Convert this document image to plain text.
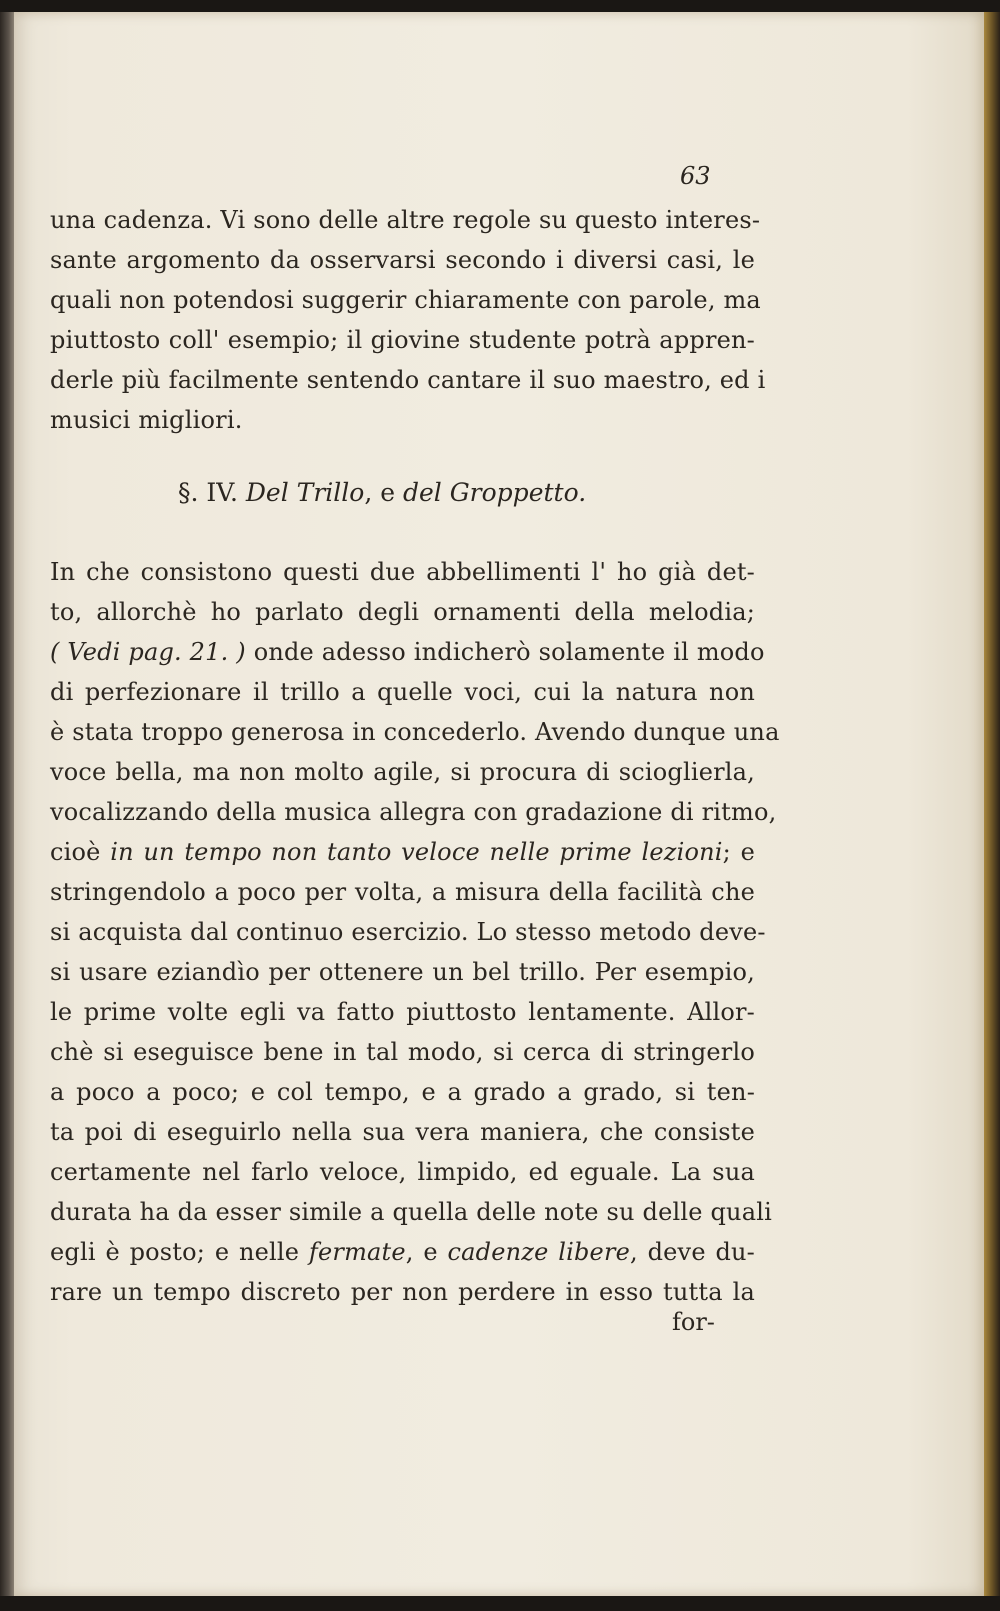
63
una cadenza. Vi sono delle altre regole su questo interes-
sante argomento da osservarsi secondo i diversi casi, le
quali non potendosi suggerir chiaramente con parole, ma
piuttosto coll' esempio; il giovine studente potrà appren-
derle più facilmente sentendo cantare il suo maestro, ed i
musici migliori.
§. IV. Del Trillo, e del Groppetto.
In che consistono questi due abbellimenti l' ho già det-
to, allorchè ho parlato degli ornamenti della melodia;
( Vedi pag. 21. ) onde adesso indicherò solamente il modo
di perfezionare il trillo a quelle voci, cui la natura non
è stata troppo generosa in concederlo. Avendo dunque una
voce bella, ma non molto agile, si procura di scioglierla,
vocalizzando della musica allegra con gradazione di ritmo,
cioè in un tempo non tanto veloce nelle prime lezioni; e
stringendolo a poco per volta, a misura della facilità che
si acquista dal continuo esercizio. Lo stesso metodo deve-
si usare eziandìo per ottenere un bel trillo. Per esempio,
le prime volte egli va fatto piuttosto lentamente. Allor-
chè si eseguisce bene in tal modo, si cerca di stringerlo
a poco a poco; e col tempo, e a grado a grado, si ten-
ta poi di eseguirlo nella sua vera maniera, che consiste
certamente nel farlo veloce, limpido, ed eguale. La sua
durata ha da esser simile a quella delle note su delle quali
egli è posto; e nelle fermate, e cadenze libere, deve du-
rare un tempo discreto per non perdere in esso tutta la
for-
